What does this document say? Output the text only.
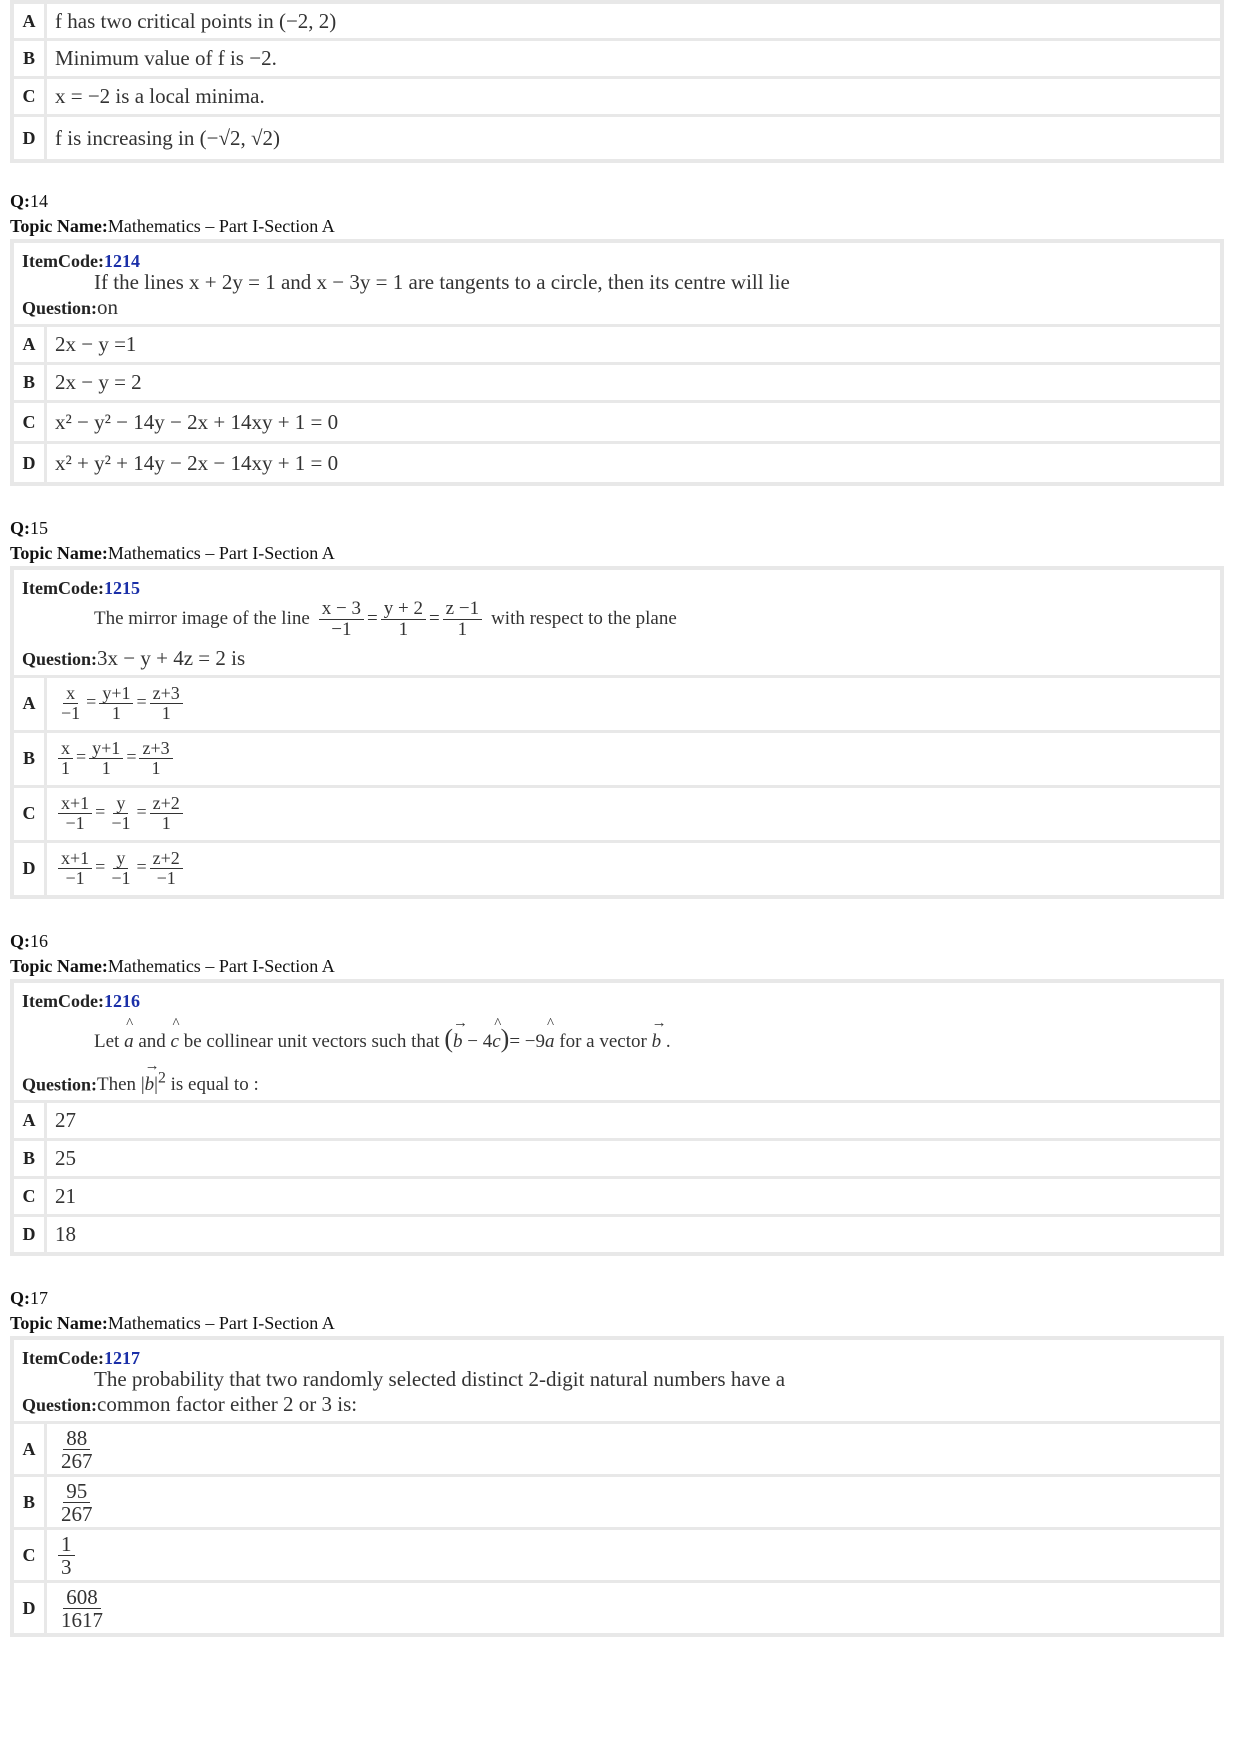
A f has two critical points in (−2, 2)
B Minimum value of f is −2.
C x = −2 is a local minima.
D f is increasing in (−√2, √2)
Q:14
Topic Name:Mathematics – Part I-Section A
ItemCode:1214
If the lines x + 2y = 1 and x − 3y = 1 are tangents to a circle, then its centre will lie
Question:on
A 2x − y =1
B 2x − y = 2
C x² − y² − 14y − 2x + 14xy + 1 = 0
D x² + y² + 14y − 2x − 14xy + 1 = 0
Q:15
Topic Name:Mathematics – Part I-Section A
ItemCode:1215
The mirror image of the line $\frac{x - 3}{-1} = \frac{y + 2}{1} = \frac{z -1}{1}$ with respect to the plane
Question:3x − y + 4z = 2 is
A	$\frac{x}{-1} = \frac{y+1}{1} = \frac{z+3}{1}$
B	$\frac{x}{1} = \frac{y+1}{1} = \frac{z+3}{1}$
C	$\frac{x+1}{-1} = \frac{y}{-1} = \frac{z+2}{1}$
D	$\frac{x+1}{-1} = \frac{y}{-1} = \frac{z+2}{-1}$
Q:16
Topic Name:Mathematics – Part I-Section A
ItemCode:1216
Let ^ a and ^ c be collinear unit vectors such that (→ b − 4^ c)= −9^ a for a vector → b .
Question:Then |→ $b|^2$ is equal to :
A 27
B 25
C 21
D 18
Q:17
Topic Name:Mathematics – Part I-Section A
ItemCode:1217
The probability that two randomly selected distinct 2-digit natural numbers have a
Question:common factor either 2 or 3 is:
A	$\frac{88}{267}$
B	$\frac{95}{267}$
C	$\frac{1}{3}$
D	$\frac{608}{1617}$
